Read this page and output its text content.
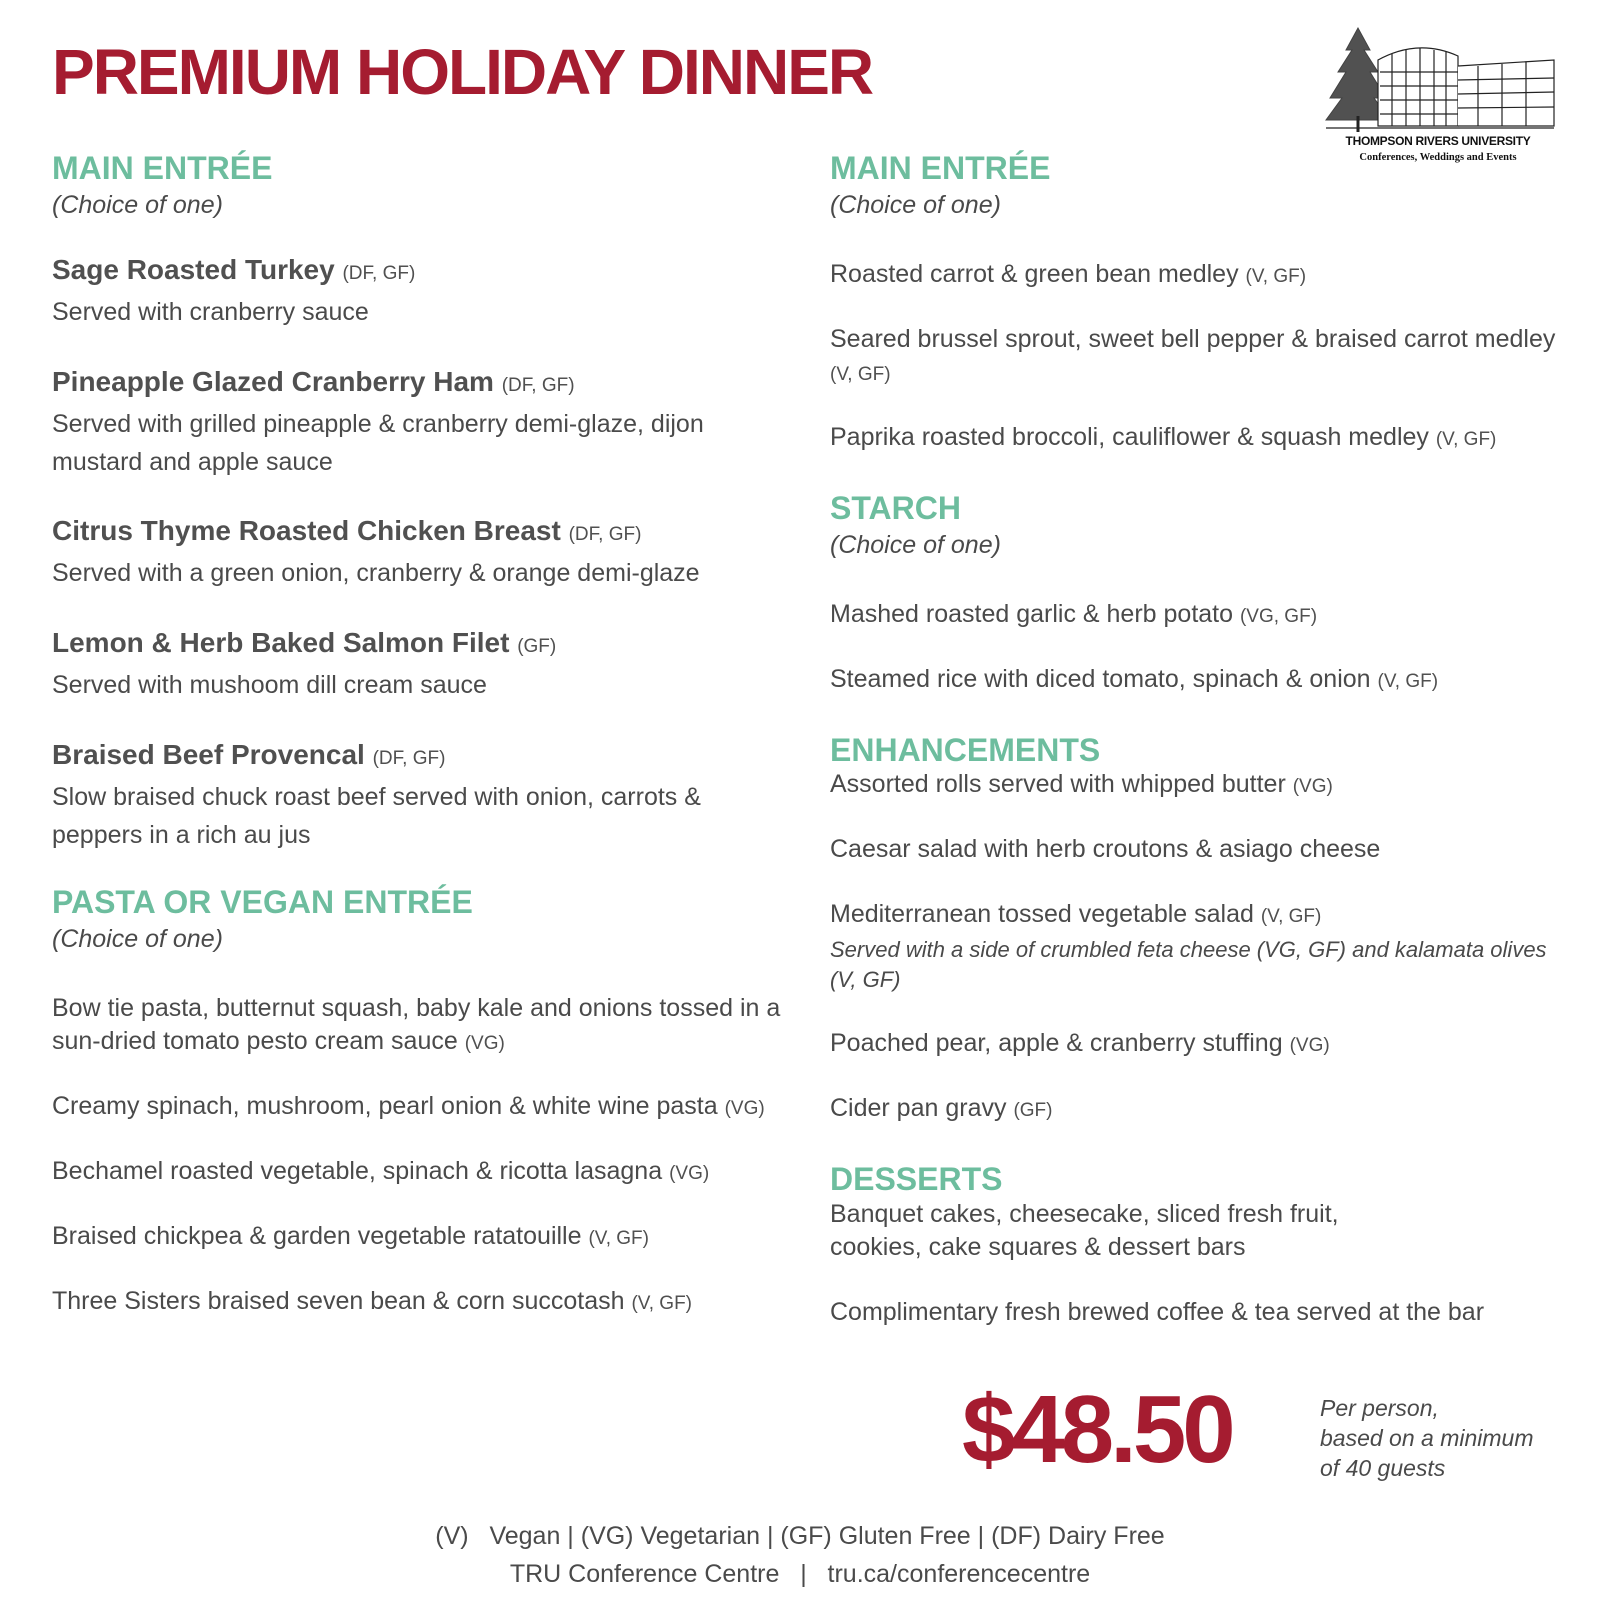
PREMIUM HOLIDAY DINNER
THOMPSON RIVERS UNIVERSITY
Conferences, Weddings and Events
MAIN ENTRÉE

(Choice of one)

Sage Roasted Turkey (DF, GF)

Served with cranberry sauce

Pineapple Glazed Cranberry Ham (DF, GF)

Served with grilled pineapple & cranberry demi-glaze, dijon mustard and apple sauce

Citrus Thyme Roasted Chicken Breast (DF, GF)

Served with a green onion, cranberry & orange demi-glaze

Lemon & Herb Baked Salmon Filet (GF)

Served with mushoom dill cream sauce

Braised Beef Provencal (DF, GF)

Slow braised chuck roast beef served with onion, carrots & peppers in a rich au jus

PASTA OR VEGAN ENTRÉE

(Choice of one)

Bow tie pasta, butternut squash, baby kale and onions tossed in a sun-dried tomato pesto cream sauce (VG)

Creamy spinach, mushroom, pearl onion & white wine pasta (VG)

Bechamel roasted vegetable, spinach & ricotta lasagna (VG)

Braised chickpea & garden vegetable ratatouille (V, GF)

Three Sisters braised seven bean & corn succotash (V, GF)

MAIN ENTRÉE

(Choice of one)

Roasted carrot & green bean medley (V, GF)

Seared brussel sprout, sweet bell pepper & braised carrot medley (V, GF)

Paprika roasted broccoli, cauliflower & squash medley (V, GF)

STARCH

(Choice of one)

Mashed roasted garlic & herb potato (VG, GF)

Steamed rice with diced tomato, spinach & onion (V, GF)

ENHANCEMENTS

Assorted rolls served with whipped butter (VG)

Caesar salad with herb croutons & asiago cheese

Mediterranean tossed vegetable salad (V, GF)

Served with a side of crumbled feta cheese (VG, GF) and kalamata olives (V, GF)

Poached pear, apple & cranberry stuffing (VG)

Cider pan gravy (GF)

DESSERTS

Banquet cakes, cheesecake, sliced fresh fruit, cookies, cake squares & dessert bars

Complimentary fresh brewed coffee & tea served at the bar

$48.50	Per person,
based on a minimum
of 40 guests

(V)   Vegan | (VG) Vegetarian | (GF) Gluten Free | (DF) Dairy Free

TRU Conference Centre   |   tru.ca/conferencecentre
